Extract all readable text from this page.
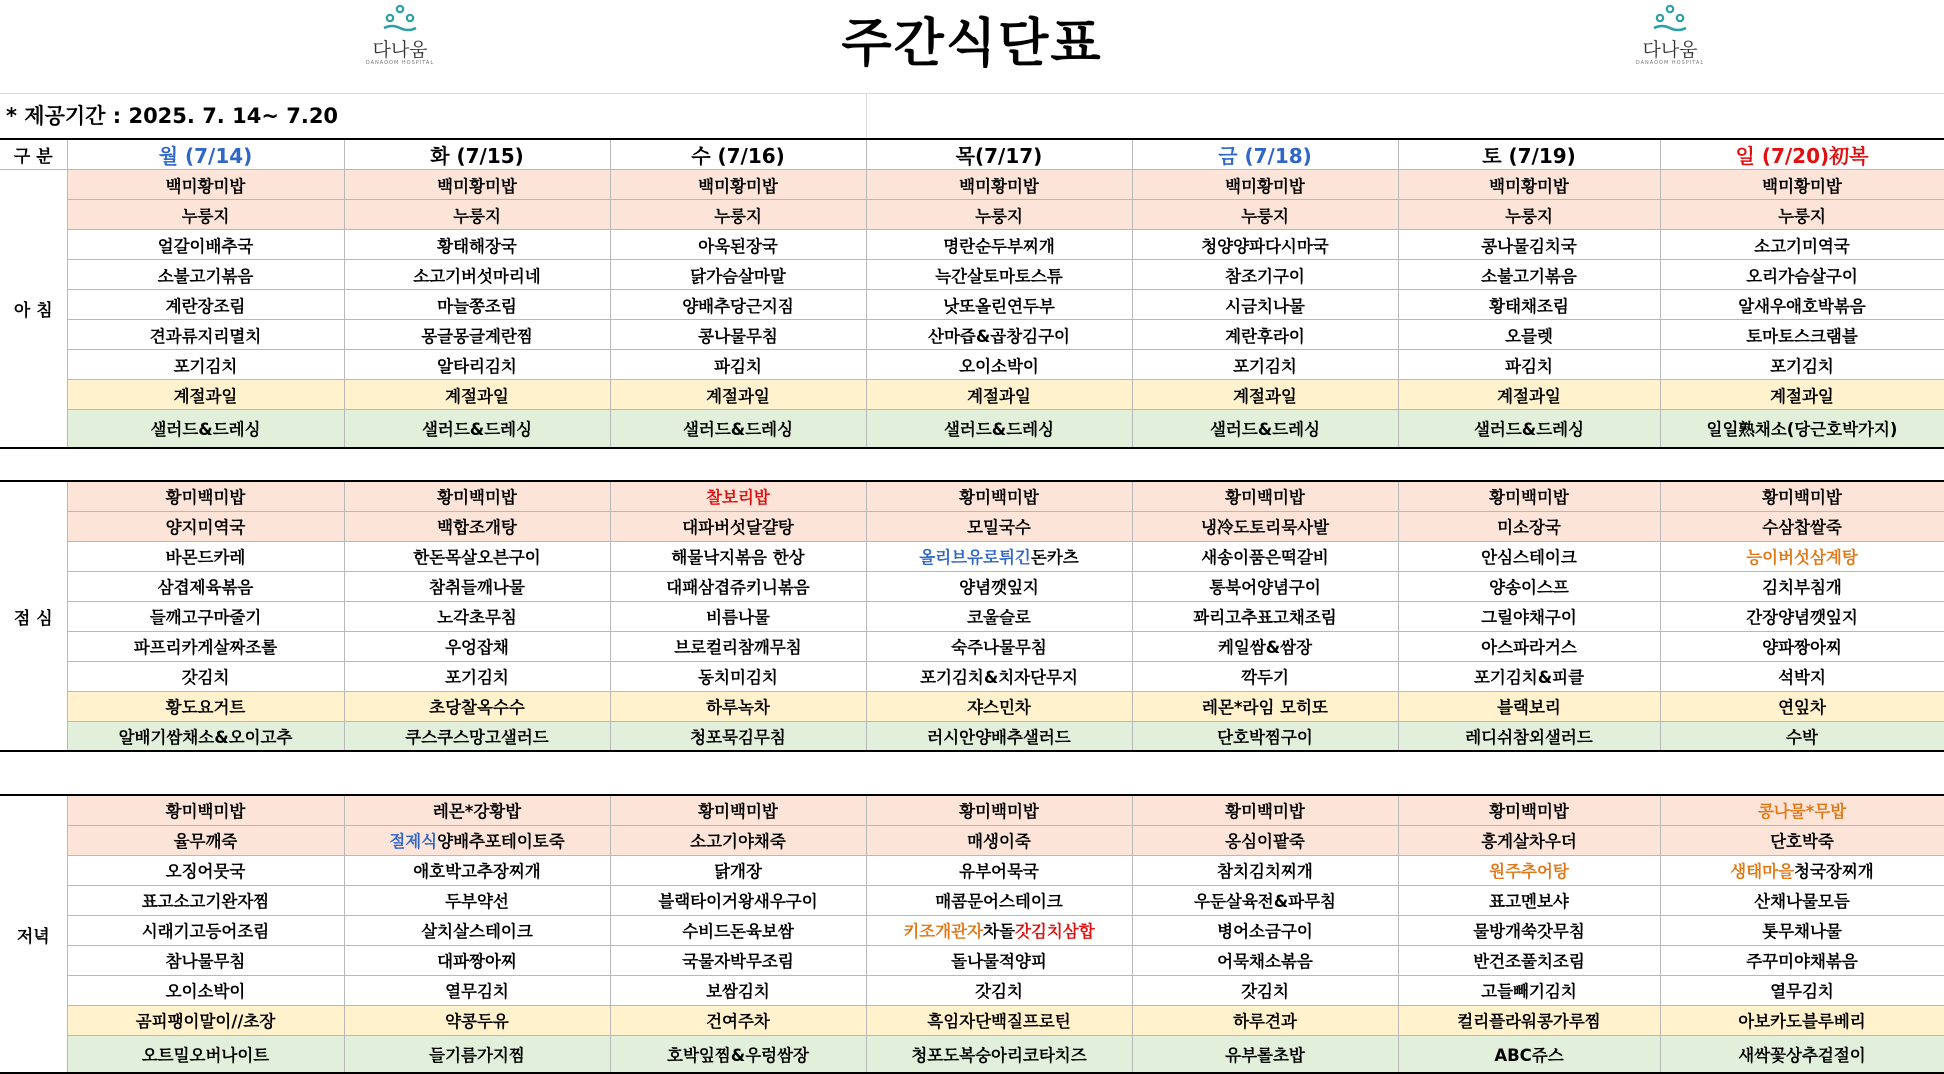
다나움
DANAOOM HOSPITAL
다나움
DANAOOM HOSPITAL
주간식단표
* 제공기간 : 2025. 7. 14~ 7.20
구 분	월 (7/14)	화 (7/15)	수 (7/16)	목(7/17)	금 (7/18)	토 (7/19)	일 (7/20)初복
아 침	백미황미밥	백미황미밥	백미황미밥	백미황미밥	백미황미밥	백미황미밥	백미황미밥
	누룽지	누룽지	누룽지	누룽지	누룽지	누룽지	누룽지
	얼갈이배추국	황태해장국	아욱된장국	명란순두부찌개	청양양파다시마국	콩나물김치국	소고기미역국
	소불고기볶음	소고기버섯마리네	닭가슴살마말	늑간살토마토스튜	참조기구이	소불고기볶음	오리가슴살구이
	계란장조림	마늘쫑조림	양배추당근지짐	낫또올린연두부	시금치나물	황태채조림	알새우애호박볶음
	견과류지리멸치	몽글몽글계란찜	콩나물무침	산마즙&곱창김구이	계란후라이	오믈렛	토마토스크램블
	포기김치	알타리김치	파김치	오이소박이	포기김치	파김치	포기김치
	계절과일	계절과일	계절과일	계절과일	계절과일	계절과일	계절과일
	샐러드&드레싱	샐러드&드레싱	샐러드&드레싱	샐러드&드레싱	샐러드&드레싱	샐러드&드레싱	일일熟채소(당근호박가지)
점 심	황미백미밥	황미백미밥	찰보리밥	황미백미밥	황미백미밥	황미백미밥	황미백미밥
	양지미역국	백합조개탕	대파버섯달걀탕	모밀국수	냉冷도토리묵사발	미소장국	수삼찹쌀죽
	바몬드카레	한돈목살오븐구이	해물낙지볶음 한상	올리브유로튀긴돈카츠	새송이품은떡갈비	안심스테이크	능이버섯삼계탕
	삼겹제육볶음	참취들깨나물	대패삼겹쥬키니볶음	양념깻잎지	통북어양념구이	양송이스프	김치부침개
	들깨고구마줄기	노각초무침	비름나물	코울슬로	꽈리고추표고채조림	그릴야채구이	간장양념깻잎지
	파프리카게살짜조롤	우엉잡채	브로컬리참깨무침	숙주나물무침	케일쌈&쌈장	아스파라거스	양파짱아찌
	갓김치	포기김치	동치미김치	포기김치&치자단무지	깍두기	포기김치&피클	석박지
	황도요거트	초당찰옥수수	하루녹차	쟈스민차	레몬*라임 모히또	블랙보리	연잎차
	알배기쌈채소&오이고추	쿠스쿠스망고샐러드	청포묵김무침	러시안양배추샐러드	단호박찜구이	레디쉬참외샐러드	수박
저녁	황미백미밥	레몬*강황밥	황미백미밥	황미백미밥	황미백미밥	황미백미밥	콩나물*무밥
	율무깨죽	절제식양배추포테이토죽	소고기야채죽	매생이죽	옹심이팥죽	흥게살차우더	단호박죽
	오징어뭇국	애호박고추장찌개	닭개장	유부어묵국	참치김치찌개	원주추어탕	생태마을청국장찌개
	표고소고기완자찜	두부약선	블랙타이거왕새우구이	매콤문어스테이크	우둔살육전&파무침	표고멘보샤	산채나물모듬
	시래기고등어조림	살치살스테이크	수비드돈육보쌈	키조개관자차돌갓김치삼합	병어소금구이	물방개쑥갓무침	톳무채나물
	참나물무침	대파짱아찌	국물자박무조림	돌나물적양피	어묵채소볶음	반건조풀치조림	주꾸미야채볶음
	오이소박이	열무김치	보쌈김치	갓김치	갓김치	고들빼기김치	열무김치
	곰피팽이말이//초장	약콩두유	건여주차	흑임자단백질프로틴	하루견과	컬리플라워콩가루찜	아보카도블루베리
	오트밀오버나이트	들기름가지찜	호박잎찜&우렁쌈장	청포도복숭아리코타치즈	유부롤초밥	ABC쥬스	새싹꽃상추겉절이
